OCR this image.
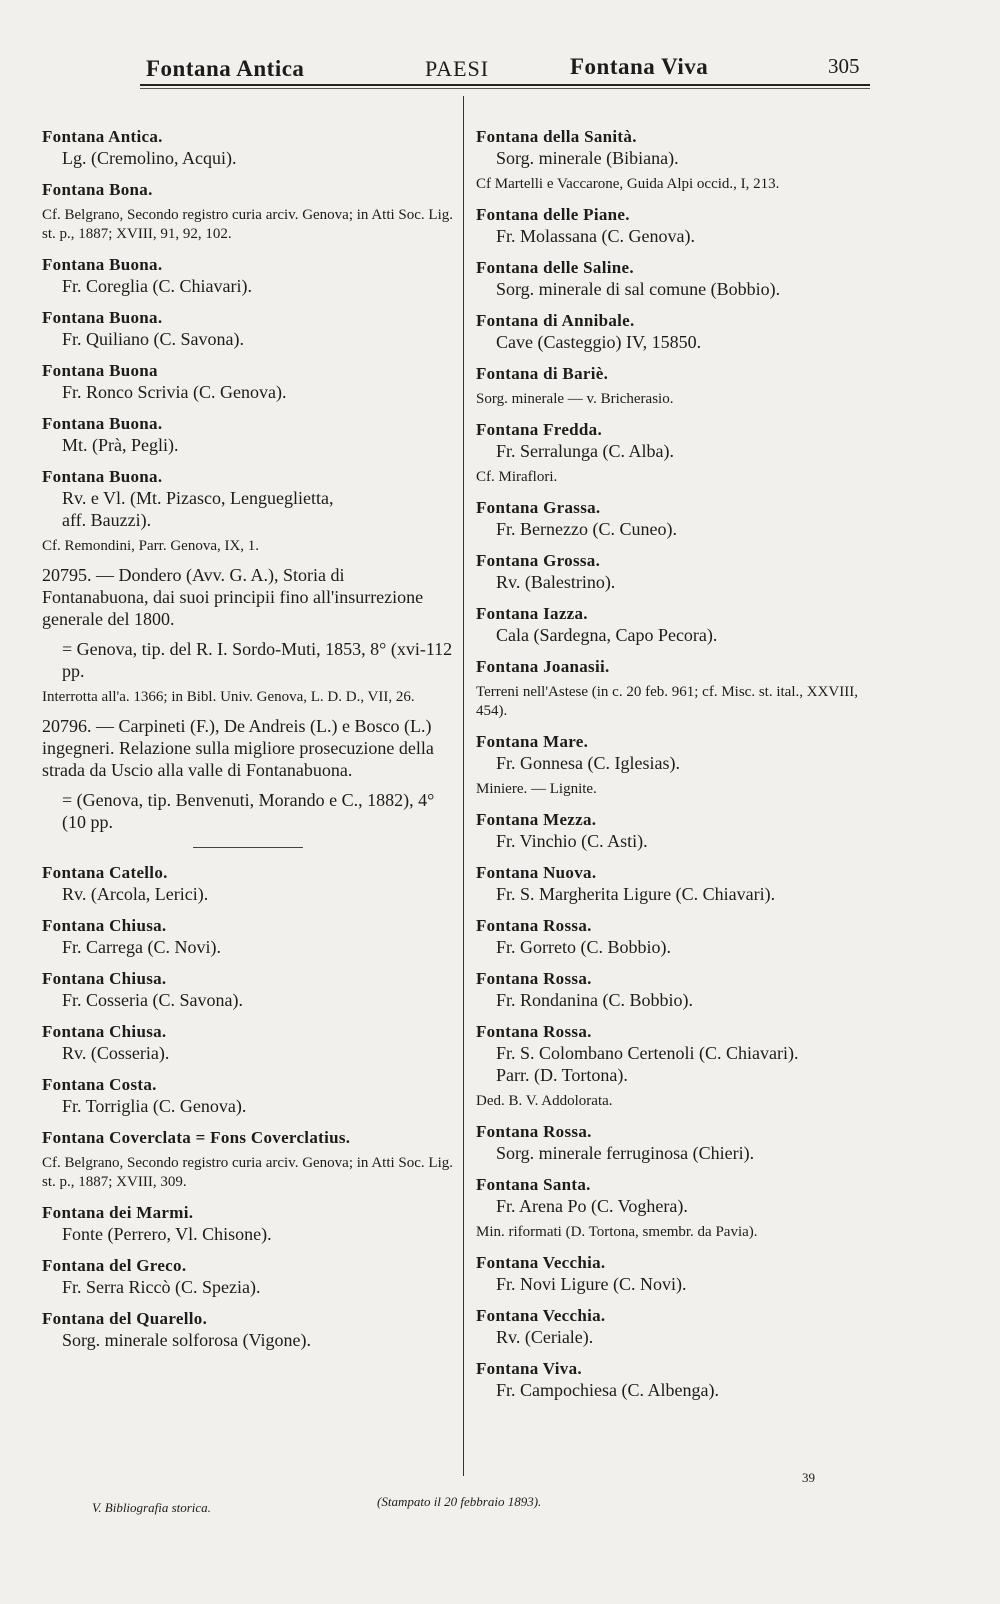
Fontana Antica	PAESI	Fontana Viva	305
Fontana Antica.
Lg. (Cremolino, Acqui).
Fontana Bona.
Cf. Belgrano, Secondo registro curia arciv. Genova; in Atti Soc. Lig. st. p., 1887; XVIII, 91, 92, 102.
Fontana Buona.
Fr. Coreglia (C. Chiavari).
Fontana Buona.
Fr. Quiliano (C. Savona).
Fontana Buona
Fr. Ronco Scrivia (C. Genova).
Fontana Buona.
Mt. (Prà, Pegli).
Fontana Buona.
Rv. e Vl. (Mt. Pizasco, Lengueglietta,
aff. Bauzzi).
Cf. Remondini, Parr. Genova, IX, 1.
20795. — Dondero (Avv. G. A.), Storia di Fontanabuona, dai suoi principii fino all'insurrezione generale del 1800.
= Genova, tip. del R. I. Sordo-Muti, 1853, 8° (xvi-112 pp.
Interrotta all'a. 1366; in Bibl. Univ. Genova, L. D. D., VII, 26.
20796. — Carpineti (F.), De Andreis (L.) e Bosco (L.) ingegneri. Relazione sulla migliore prosecuzione della strada da Uscio alla valle di Fontanabuona.
= (Genova, tip. Benvenuti, Morando e C., 1882), 4° (10 pp.
Fontana Catello.
Rv. (Arcola, Lerici).
Fontana Chiusa.
Fr. Carrega (C. Novi).
Fontana Chiusa.
Fr. Cosseria (C. Savona).
Fontana Chiusa.
Rv. (Cosseria).
Fontana Costa.
Fr. Torriglia (C. Genova).
Fontana Coverclata = Fons Coverclatius.
Cf. Belgrano, Secondo registro curia arciv. Genova; in Atti Soc. Lig. st. p., 1887; XVIII, 309.
Fontana dei Marmi.
Fonte (Perrero, Vl. Chisone).
Fontana del Greco.
Fr. Serra Riccò (C. Spezia).
Fontana del Quarello.
Sorg. minerale solforosa (Vigone).
Fontana della Sanità.
Sorg. minerale (Bibiana).
Cf Martelli e Vaccarone, Guida Alpi occid., I, 213.
Fontana delle Piane.
Fr. Molassana (C. Genova).
Fontana delle Saline.
Sorg. minerale di sal comune (Bobbio).
Fontana di Annibale.
Cave (Casteggio) IV, 15850.
Fontana di Bariè.
Sorg. minerale — v. Bricherasio.
Fontana Fredda.
Fr. Serralunga (C. Alba).
Cf. Miraflori.
Fontana Grassa.
Fr. Bernezzo (C. Cuneo).
Fontana Grossa.
Rv. (Balestrino).
Fontana Iazza.
Cala (Sardegna, Capo Pecora).
Fontana Joanasii.
Terreni nell'Astese (in c. 20 feb. 961; cf. Misc. st. ital., XXVIII, 454).
Fontana Mare.
Fr. Gonnesa (C. Iglesias).
Miniere. — Lignite.
Fontana Mezza.
Fr. Vinchio (C. Asti).
Fontana Nuova.
Fr. S. Margherita Ligure (C. Chiavari).
Fontana Rossa.
Fr. Gorreto (C. Bobbio).
Fontana Rossa.
Fr. Rondanina (C. Bobbio).
Fontana Rossa.
Fr. S. Colombano Certenoli (C. Chiavari).
Parr. (D. Tortona).
Ded. B. V. Addolorata.
Fontana Rossa.
Sorg. minerale ferruginosa (Chieri).
Fontana Santa.
Fr. Arena Po (C. Voghera).
Min. riformati (D. Tortona, smembr. da Pavia).
Fontana Vecchia.
Fr. Novi Ligure (C. Novi).
Fontana Vecchia.
Rv. (Ceriale).
Fontana Viva.
Fr. Campochiesa (C. Albenga).
39
V. Bibliografia storica.	(Stampato il 20 febbraio 1893).
